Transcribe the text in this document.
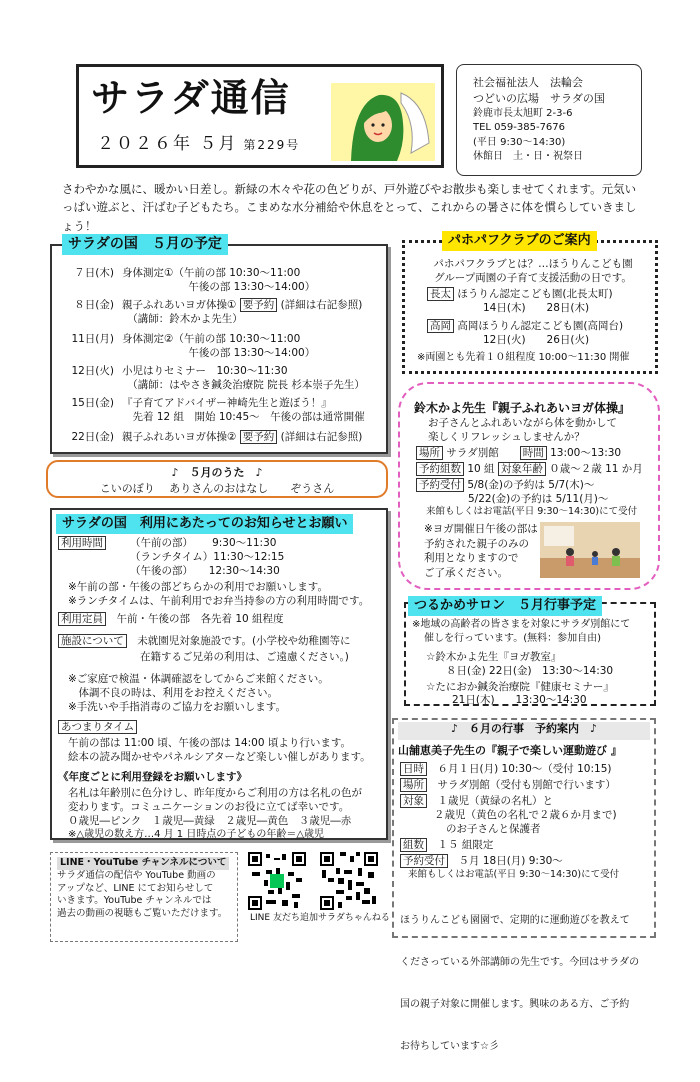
サラダ通信
２０２６年 ５月 第229号
社会福祉法人　法輪会
つどいの広場　サラダの国
鈴鹿市長太旭町 2-3-6
TEL 059-385-7676
(平日 9:30～14:30)
休館日　土・日・祝祭日
さわやかな風に、暖かい日差し。新緑の木々や花の色どりが、戸外遊びやお散歩も楽しませてくれます。元気いっぱい遊ぶと、汗ばむ子どもたち。こまめな水分補給や休息をとって、これからの暑さに体を慣らしていきましょう！
７日(木) 身体測定①（午前の部 10:30～11:00
　　　　　　 午後の部 13:30～14:00）
８日(金) 親子ふれあいヨガ体操① 要予約 (詳細は右記参照)
　（講師：鈴木かよ先生）
11日(月) 身体測定②（午前の部 10:30～11:00
　　　　　　 午後の部 13:30～14:00）
12日(火) 小児はりセミナー　10:30～11:30
　（講師：はやさき鍼灸治療院 院長 杉本崇子先生）
15日(金) 『子育てアドバイザー神崎先生と遊ぼう！』
　先着 12 組　開始 10:45～　午後の部は通常開催
22日(金) 親子ふれあいヨガ体操② 要予約 (詳細は右記参照)
サラダの国　５月の予定
♪　５月のうた　♪
こいのぼり　 ありさんのおはなし　　ぞうさん
利用時間	（午前の部）　　 9:30～11:30
（ランチタイム）11:30～12:15
（午後の部）　　12:30～14:30
※午前の部・午後の部どちらかの利用でお願いします。
※ランチタイムは、午前利用でお弁当持参の方の利用時間です。
利用定員　 午前・午後の部　各先着 10 組程度
施設について　 未就園児対象施設です。(小学校や幼稚園等に
在籍するご兄弟の利用は、ご遠慮ください。)
※ご家庭で検温・体調確認をしてからご来館ください。
　体調不良の時は、利用をお控えください。
※手洗いや手指消毒のご協力をお願いします。
あつまりタイム
午前の部は 11:00 頃、午後の部は 14:00 頃より行います。
絵本の読み聞かせやパネルシアターなど楽しい催しがあります。
《年度ごとに利用登録をお願いします》
名札は年齢別に色分けし、昨年度からご利用の方は名札の色が
変わります。コミュニケーションのお役に立てば幸いです。
０歳児―ピンク　１歳児―黄緑　２歳児―黄色　３歳児―赤
※△歳児の数え方…4 月 1 日時点の子どもの年齢＝△歳児
サラダの国　利用にあたってのお知らせとお願い
パホパフクラブとは？…ほうりんこども園
グループ両園の子育て支援活動の日です。
長太 ほうりん認定こども園(北長太町)
14日(木)　　28日(木)
高岡 高岡ほうりん認定こども園(高岡台)
12日(火)　　26日(火)
※両園とも先着１０組程度 10:00～11:30 開催
パホパフクラブのご案内
鈴木かよ先生『親子ふれあいヨガ体操』
お子さんとふれあいながら体を動かして
楽しくリフレッシュしませんか？
場所 サラダ別館　　 時間 13:00～13:30
予約組数 10 組 対象年齢 ０歳～２歳 11 か月
予約受付 5/8(金)の予約は 5/7(木)～
5/22(金)の予約は 5/11(月)～
来館もしくはお電話(平日 9:30～14:30)にて受付
※ヨガ開催日午後の部は
予約された親子のみの
利用となりますので
ご了承ください。
※地域の高齢者の皆さまを対象にサラダ別館にて
催しを行っています。(無料：参加自由)
☆鈴木かよ先生『ヨガ教室』
８日(金) 22日(金)　13:30～14:30
☆たにおか鍼灸治療院『健康セミナー』
21日(木)　　13:30～14:30
つるかめサロン　５月行事予定
山舗恵美子先生の『親子で楽しい運動遊び 』
日時　 ６月１日(月) 10:30～（受付 10:15)
場所　 サラダ別館（受付も別館で行います）
対象　 １歳児（黄緑の名札）と
２歳児（黄色の名札で２歳６か月まで)
のお子さんと保護者
組数　 １５ 組限定
予約受付　 ５月 18日(月) 9:30～
来館もしくはお電話(平日 9:30～14:30)にて受付

ほうりんこども園園で、定期的に運動遊びを教えて

くださっている外部講師の先生です。今回はサラダの

国の親子対象に開催します。興味のある方、ご予約

お待ちしています☆彡

♪　６月の行事　予約案内　♪
LINE・YouTube チャンネルについて
サラダ通信の配信や YouTube 動画の
アップなど、LINE にてお知らせして
いきます。YouTube チャンネルでは
過去の動画の視聴もご覧いただけます。	LINE 友だち追加 サラダちゃんねる
